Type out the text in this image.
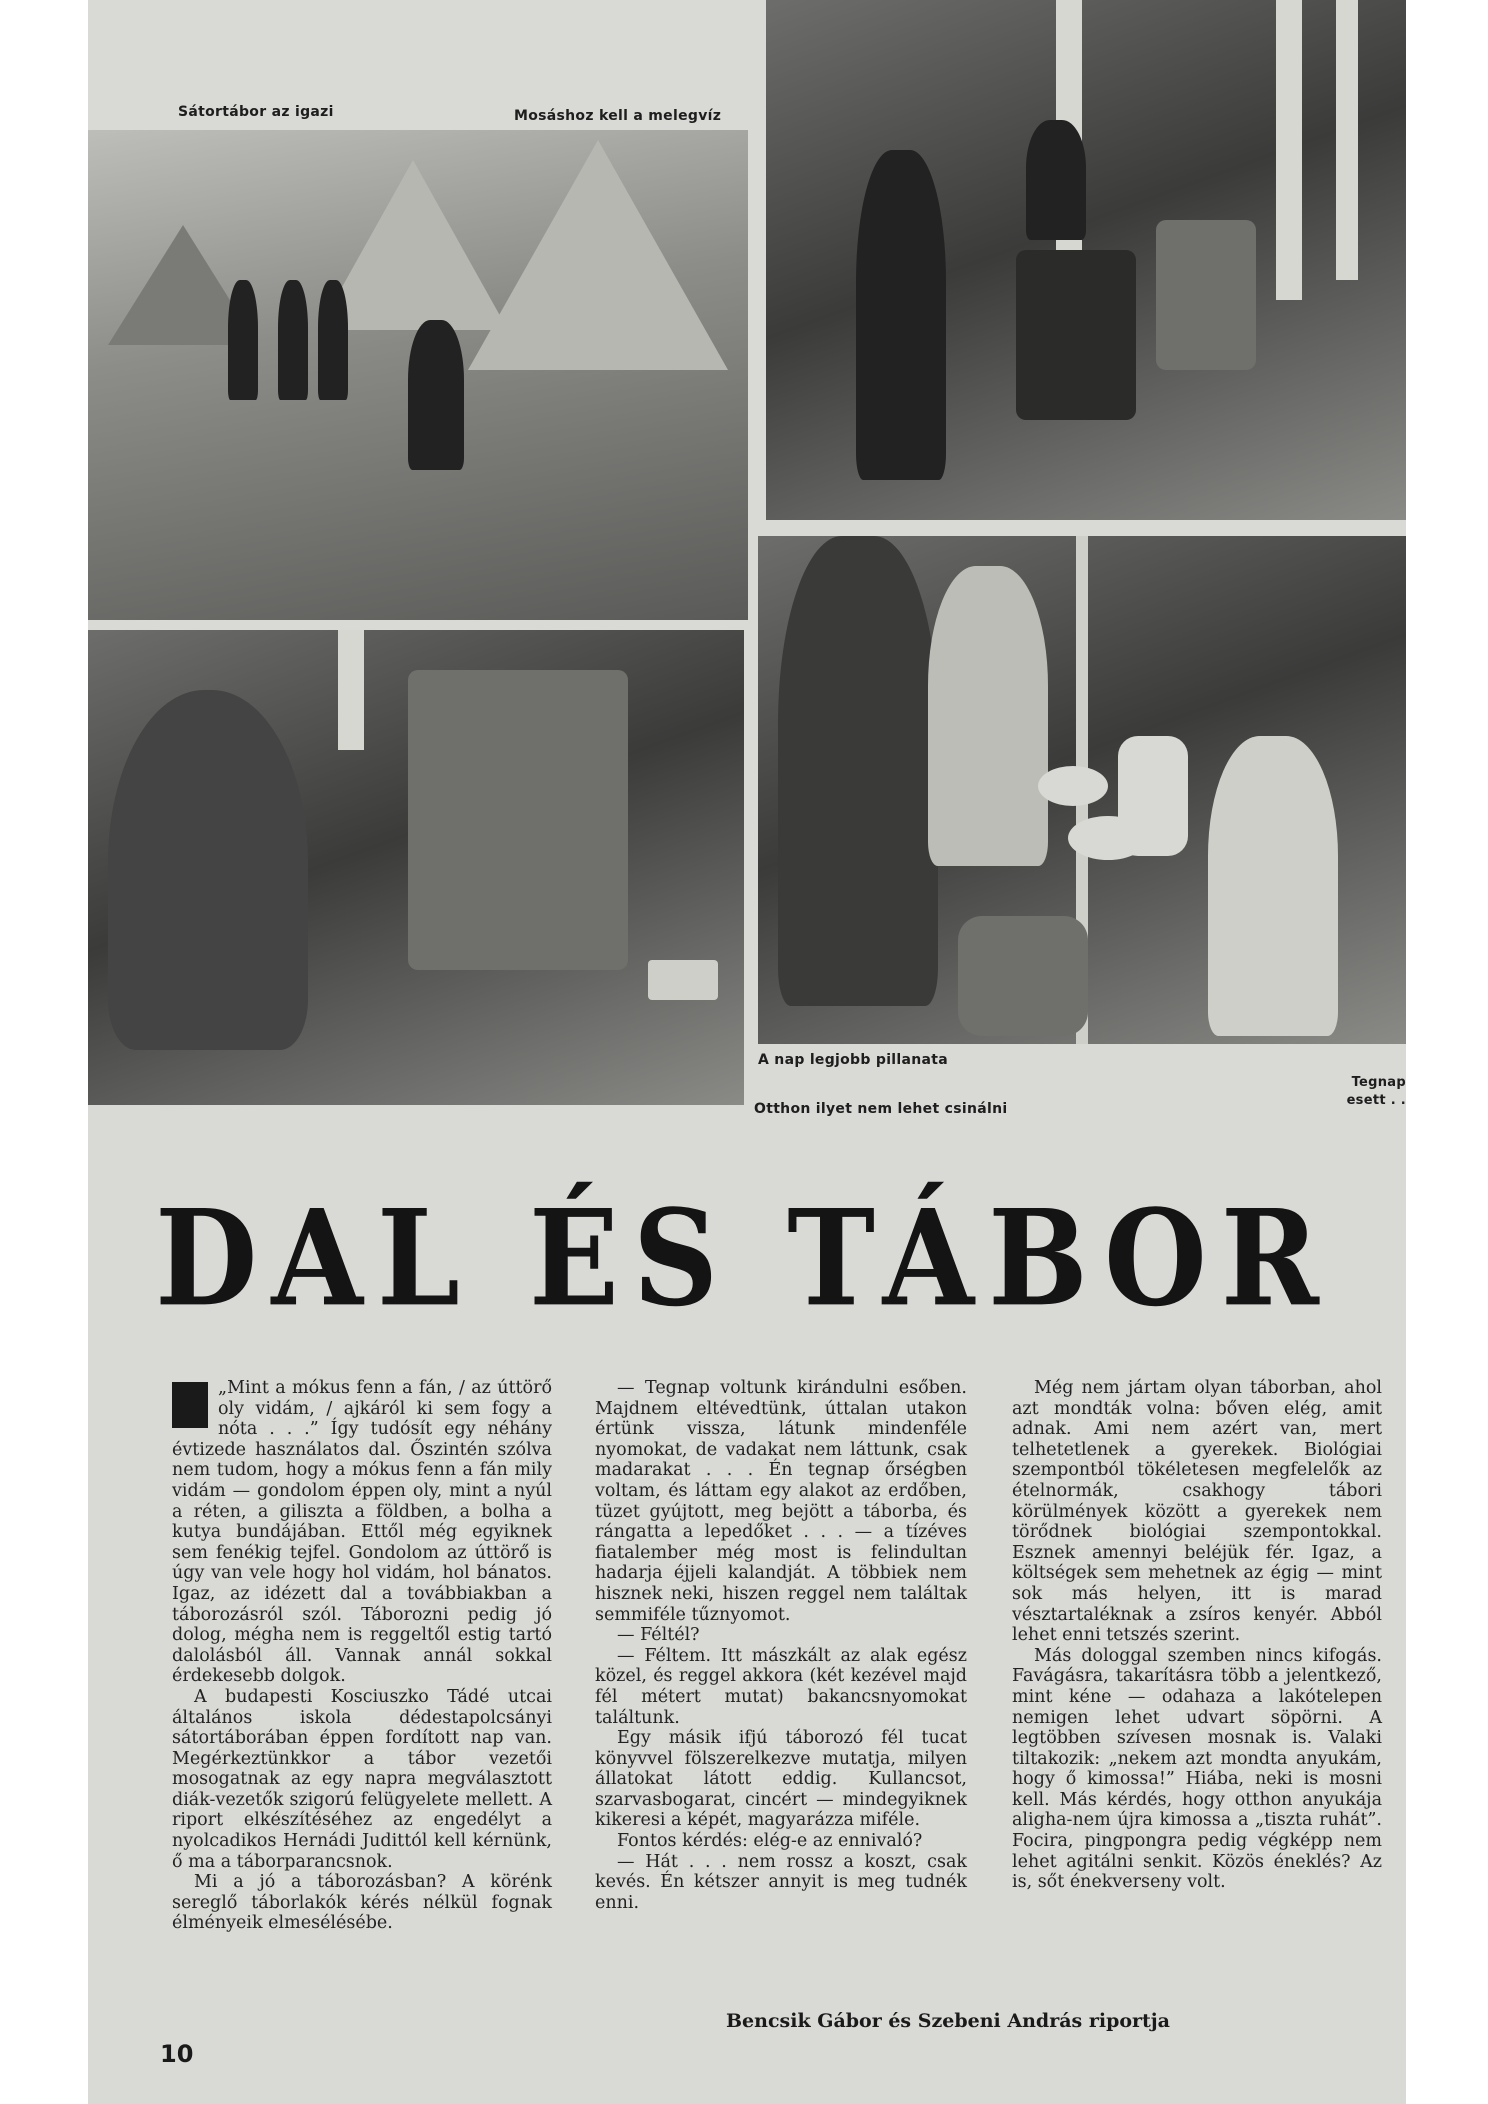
Sátortábor az igazi	Mosáshoz kell a melegvíz
A nap legjobb pillanata
Otthon ilyet nem lehet csinálni
Tegnap esett . .
DAL ÉS TÁBOR

„Mint a mókus fenn a fán, / az úttörő oly vidám, / ajkáról ki sem fogy a nóta . . .” Így tudósít egy néhány évtizede használatos dal. Őszintén szólva nem tudom, hogy a mókus fenn a fán mily vidám — gondolom éppen oly, mint a nyúl a réten, a giliszta a földben, a bolha a kutya bundájában. Ettől még egyiknek sem fenékig tejfel. Gondolom az úttörő is úgy van vele hogy hol vidám, hol bánatos. Igaz, az idézett dal a továbbiakban a táborozásról szól. Táborozni pedig jó dolog, mégha nem is reggeltől estig tartó dalolásból áll. Vannak annál sokkal érdekesebb dolgok.

A budapesti Kosciuszko Tádé utcai általános iskola dédestapolcsányi sátortáborában éppen fordított nap van. Megérkeztünkkor a tábor vezetői mosogatnak az egy napra megválasztott diák-vezetők szigorú felügyelete mellett. A riport elkészítéséhez az engedélyt a nyolcadikos Hernádi Judittól kell kérnünk, ő ma a táborparancsnok.

Mi a jó a táborozásban? A körénk sereglő táborlakók kérés nélkül fognak élményeik elmesélésébe.

— Tegnap voltunk kirándulni esőben. Majdnem eltévedtünk, úttalan utakon értünk vissza, látunk mindenféle nyomokat, de vadakat nem láttunk, csak madarakat . . . Én tegnap őrségben voltam, és láttam egy alakot az erdőben, tüzet gyújtott, meg bejött a táborba, és rángatta a lepedőket . . . — a tízéves fiatalember még most is felindultan hadarja éjjeli kalandját. A többiek nem hisznek neki, hiszen reggel nem találtak semmiféle tűznyomot.

— Féltél?

— Féltem. Itt mászkált az alak egész közel, és reggel akkora (két kezével majd fél métert mutat) bakancsnyomokat találtunk.

Egy másik ifjú táborozó fél tucat könyvvel fölszerelkezve mutatja, milyen állatokat látott eddig. Kullancsot, szarvasbogarat, cincért — mindegyiknek kikeresi a képét, magyarázza miféle.

Fontos kérdés: elég-e az ennivaló?

— Hát . . . nem rossz a koszt, csak kevés. Én kétszer annyit is meg tudnék enni.

Még nem jártam olyan táborban, ahol azt mondták volna: bőven elég, amit adnak. Ami nem azért van, mert telhetetlenek a gyerekek. Biológiai szempontból tökéletesen megfelelők az ételnormák, csakhogy tábori körülmények között a gyerekek nem törődnek biológiai szempontokkal. Esznek amennyi beléjük fér. Igaz, a költségek sem mehetnek az égig — mint sok más helyen, itt is marad vésztartaléknak a zsíros kenyér. Abból lehet enni tetszés szerint.

Más dologgal szemben nincs kifogás. Favágásra, takarításra több a jelentkező, mint kéne — odahaza a lakótelepen nemigen lehet udvart söpörni. A legtöbben szívesen mosnak is. Valaki tiltakozik: „nekem azt mondta anyukám, hogy ő kimossa!” Hiába, neki is mosni kell. Más kérdés, hogy otthon anyukája aligha-nem újra kimossa a „tiszta ruhát”. Focira, pingpongra pedig végképp nem lehet agitálni senkit. Közös éneklés? Az is, sőt énekverseny volt.

Bencsik Gábor és Szebeni András riportja
10
